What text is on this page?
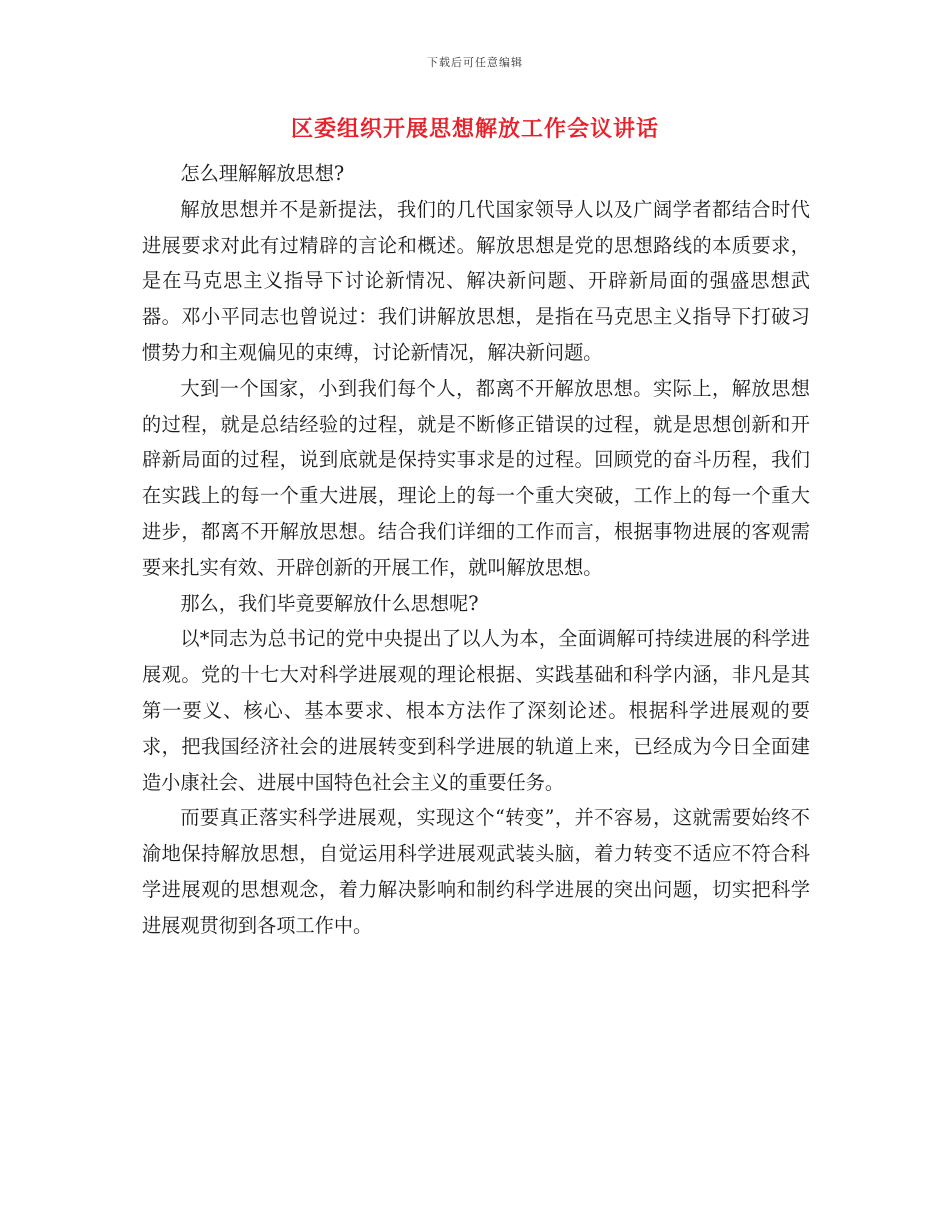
下载后可任意编辑
区委组织开展思想解放工作会议讲话

怎么理解解放思想?

解放思想并不是新提法，我们的几代国家领导人以及广阔学者都结合时代进展要求对此有过精辟的言论和概述。解放思想是党的思想路线的本质要求，是在马克思主义指导下讨论新情况、解决新问题、开辟新局面的强盛思想武器。邓小平同志也曾说过：我们讲解放思想，是指在马克思主义指导下打破习惯势力和主观偏见的束缚，讨论新情况，解决新问题。

大到一个国家，小到我们每个人，都离不开解放思想。实际上，解放思想的过程，就是总结经验的过程，就是不断修正错误的过程，就是思想创新和开辟新局面的过程，说到底就是保持实事求是的过程。回顾党的奋斗历程，我们在实践上的每一个重大进展，理论上的每一个重大突破，工作上的每一个重大进步，都离不开解放思想。结合我们详细的工作而言，根据事物进展的客观需要来扎实有效、开辟创新的开展工作，就叫解放思想。

那么，我们毕竟要解放什么思想呢?

以*同志为总书记的党中央提出了以人为本，全面调解可持续进展的科学进展观。党的十七大对科学进展观的理论根据、实践基础和科学内涵，非凡是其第一要义、核心、基本要求、根本方法作了深刻论述。根据科学进展观的要求，把我国经济社会的进展转变到科学进展的轨道上来，已经成为今日全面建造小康社会、进展中国特色社会主义的重要任务。

而要真正落实科学进展观，实现这个“转变”，并不容易，这就需要始终不渝地保持解放思想，自觉运用科学进展观武装头脑，着力转变不适应不符合科学进展观的思想观念，着力解决影响和制约科学进展的突出问题，切实把科学进展观贯彻到各项工作中。
